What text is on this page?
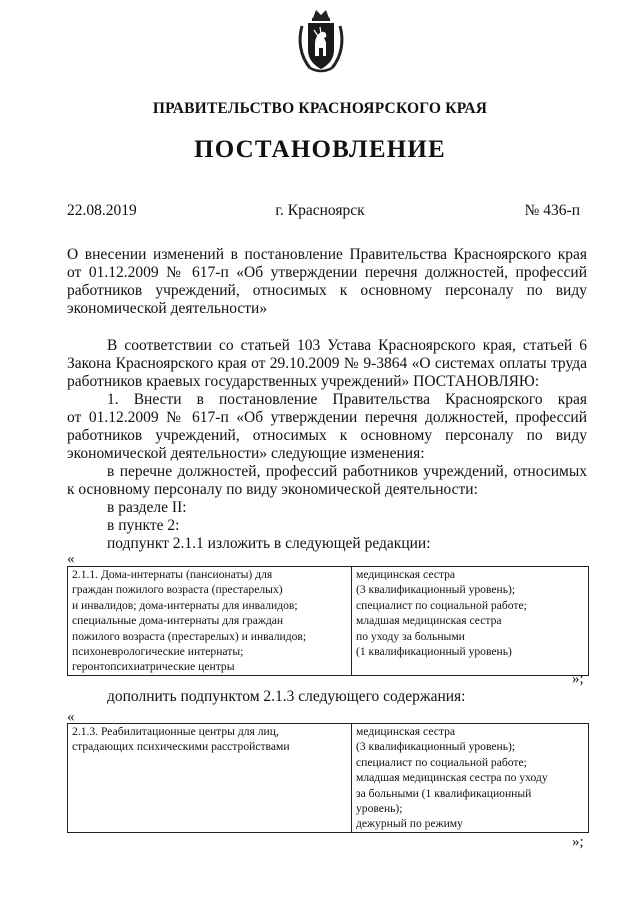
ПРАВИТЕЛЬСТВО КРАСНОЯРСКОГО КРАЯ
ПОСТАНОВЛЕНИЕ
22.08.2019	г. Красноярск	№ 436-п
О внесении изменений в постановление Правительства Красноярского края
от 01.12.2009 № 617-п «Об утверждении перечня должностей, профессий
работников учреждений, относимых к основному персоналу по виду
экономической деятельности»
В соответствии со статьей 103 Устава Красноярского края, статьей 6
Закона Красноярского края от 29.10.2009 № 9-3864 «О системах оплаты труда
работников краевых государственных учреждений» ПОСТАНОВЛЯЮ:
1. Внести в постановление Правительства Красноярского края
от 01.12.2009 № 617-п «Об утверждении перечня должностей, профессий
работников учреждений, относимых к основному персоналу по виду
экономической деятельности» следующие изменения:
в перечне должностей, профессий работников учреждений, относимых
к основному персоналу по виду экономической деятельности:
в разделе II:
в пункте 2:
подпункт 2.1.1 изложить в следующей редакции:
«
2.1.1. Дома-интернаты (пансионаты) для
граждан пожилого возраста (престарелых)
и инвалидов; дома-интернаты для инвалидов;
специальные дома-интернаты для граждан
пожилого возраста (престарелых) и инвалидов;
психоневрологические интернаты;
геронтопсихиатрические центры

медицинская сестра
(3 квалификационный уровень);
специалист по социальной работе;
младшая медицинская сестра
по уходу за больными
(1 квалификационный уровень)
»;
дополнить подпунктом 2.1.3 следующего содержания:
«
2.1.3. Реабилитационные центры для лиц,
страдающих психическими расстройствами

медицинская сестра
(3 квалификационный уровень);
специалист по социальной работе;
младшая медицинская сестра по уходу
за больными (1 квалификационный
уровень);
дежурный по режиму
»;
